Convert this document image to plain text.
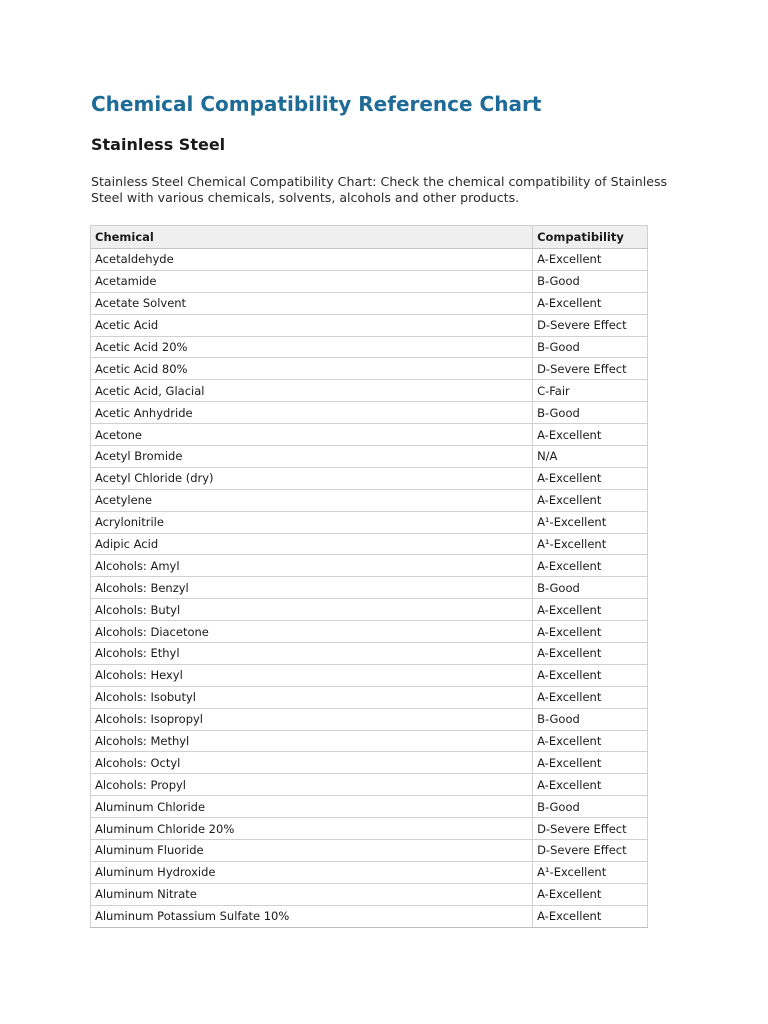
Chemical Compatibility Reference Chart
Stainless Steel

Stainless Steel Chemical Compatibility Chart: Check the chemical compatibility of Stainless Steel with various chemicals, solvents, alcohols and other products.

Chemical	Compatibility
Acetaldehyde	A-Excellent
Acetamide	B-Good
Acetate Solvent	A-Excellent
Acetic Acid	D-Severe Effect
Acetic Acid 20%	B-Good
Acetic Acid 80%	D-Severe Effect
Acetic Acid, Glacial	C-Fair
Acetic Anhydride	B-Good
Acetone	A-Excellent
Acetyl Bromide	N/A
Acetyl Chloride (dry)	A-Excellent
Acetylene	A-Excellent
Acrylonitrile	A¹-Excellent
Adipic Acid	A¹-Excellent
Alcohols: Amyl	A-Excellent
Alcohols: Benzyl	B-Good
Alcohols: Butyl	A-Excellent
Alcohols: Diacetone	A-Excellent
Alcohols: Ethyl	A-Excellent
Alcohols: Hexyl	A-Excellent
Alcohols: Isobutyl	A-Excellent
Alcohols: Isopropyl	B-Good
Alcohols: Methyl	A-Excellent
Alcohols: Octyl	A-Excellent
Alcohols: Propyl	A-Excellent
Aluminum Chloride	B-Good
Aluminum Chloride 20%	D-Severe Effect
Aluminum Fluoride	D-Severe Effect
Aluminum Hydroxide	A¹-Excellent
Aluminum Nitrate	A-Excellent
Aluminum Potassium Sulfate 10%	A-Excellent
